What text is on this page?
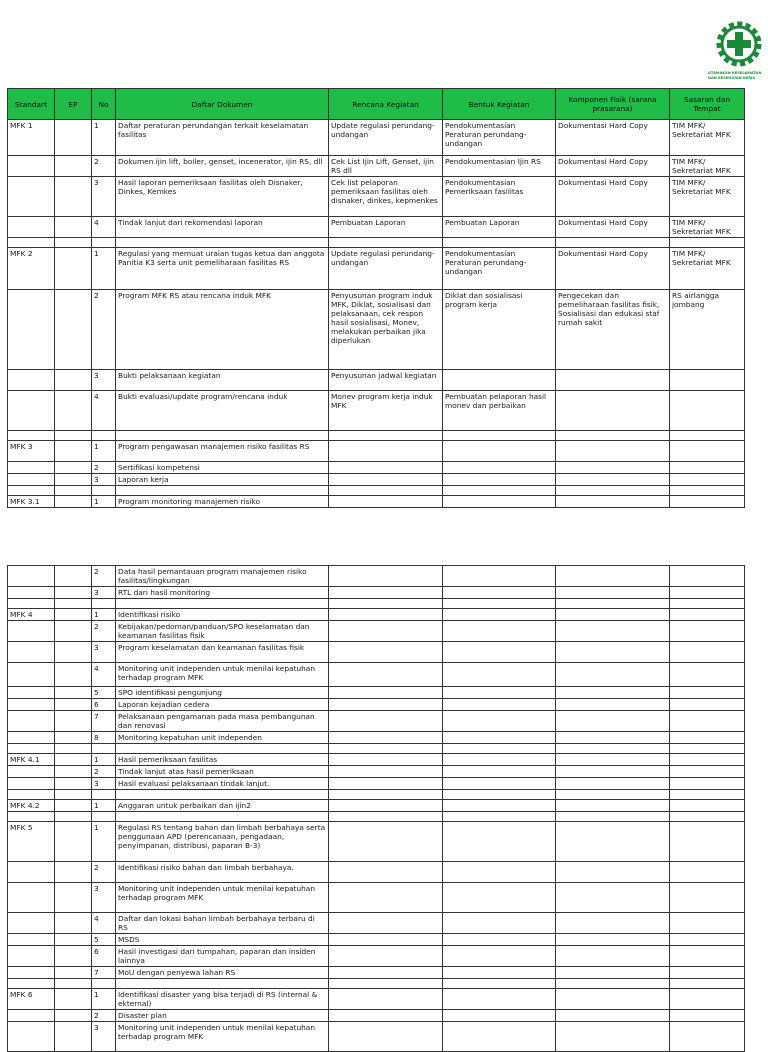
UTAMAKAN KESELAMATAN
DAN KESEHATAN KERJA
Standart	EP	No	Daftar Dokumen	Rencana Kegiatan	Bentuk Kegiatan	Komponen Fisik (sarana prasarana)	Sasaran dan Tempat
MFK 1		1	Daftar peraturan perundangan terkait keselamatan fasilitas	Update regulasi perundang-undangan	Pendokumentasian Peraturan perundang-undangan	Dokumentasi Hard Copy	TIM MFK/ Sekretariat MFK
		2	Dokumen ijin lift, boiler, genset, incenerator, ijin RS, dll	Cek List Ijin Lift, Genset, ijin RS dll	Pendokumentasian Ijin RS	Dokumentasi Hard Copy	TIM MFK/ Sekretariat MFK
		3	Hasil laporan pemeriksaan fasilitas oleh Disnaker, Dinkes, Kemkes	Cek list pelaporan pemeriksaan fasilitas oleh disnaker, dinkes, kepmenkes	Pendokumentasian Pemeriksaan fasilitas	Dokumentasi Hard Copy	TIM MFK/ Sekretariat MFK
		4	Tindak lanjut dari rekomendasi laporan	Pembuatan Laporan	Pembuatan Laporan	Dokumentasi Hard Copy	TIM MFK/ Sekretariat MFK

MFK 2		1	Regulasi yang memuat uraian tugas ketua dan anggota Panitia K3 serta unit pemeliharaan fasilitas RS	Update regulasi perundang-undangan	Pendokumentasian Peraturan perundang-undangan	Dokumentasi Hard Copy	TIM MFK/ Sekretariat MFK
		2	Program MFK RS atau rencana induk MFK	Penyusunan program induk MFK, Diklat, sosialisasi dan pelaksanaan, cek respon hasil sosialisasi, Monev, melakukan perbaikan jika diperlukan	Diklat dan sosialisasi program kerja	Pengecekan dan pemeliharaan fasilitas fisik, Sosialisasi dan edukasi staf rumah sakit	RS airlangga jombang
		3	Bukti pelaksanaan kegiatan	Penyusunan jadwal kegiatan			
		4	Bukti evaluasi/update program/rencana induk	Monev program kerja induk MFK	Pembuatan pelaporan hasil monev dan perbaikan		

MFK 3		1	Program pengawasan manajemen risiko fasilitas RS				
		2	Sertifikasi kompetensi				
		3	Laporan kerja				

MFK 3.1		1	Program monitoring manajemen risiko				
		2	Data hasil pemantauan program manajemen risiko fasilitas/lingkungan				
		3	RTL dari hasil monitoring				

MFK 4		1	Identifikasi risiko				
		2	Kebijakan/pedoman/panduan/SPO keselamatan dan keamanan fasilitas fisik				
		3	Program keselamatan dan keamanan fasilitas fisik				
		4	Monitoring unit independen untuk menilai kepatuhan terhadap program MFK				
		5	SPO identifikasi pengunjung				
		6	Laporan kejadian cedera				
		7	Pelaksanaan pengamanan pada masa pembangunan dan renovasi				
		8	Monitoring kepatuhan unit independen				

MFK 4.1		1	Hasil pemeriksaan fasilitas				
		2	Tindak lanjut atas hasil pemeriksaan				
		3	Hasil evaluasi pelaksanaan tindak lanjut.				

MFK 4.2		1	Anggaran untuk perbaikan dan ijin2				

MFK 5		1	Regulasi RS tentang bahan dan limbah berbahaya serta penggunaan APD (perencanaan, pengadaan, penyimpanan, distribusi, paparan B-3)				
		2	Identifikasi risiko bahan dan limbah berbahaya.				
		3	Monitoring unit independen untuk menilai kepatuhan terhadap program MFK				
		4	Daftar dan lokasi bahan limbah berbahaya terbaru di RS				
		5	MSDS				
		6	Hasil investigasi dari tumpahan, paparan dan insiden lainnya				
		7	MoU dengan penyewa lahan RS				

MFK 6		1	Identifikasi disaster yang bisa terjadi di RS (internal & ekternal)				
		2	Disaster plan				
		3	Monitoring unit independen untuk menilai kepatuhan terhadap program MFK				
